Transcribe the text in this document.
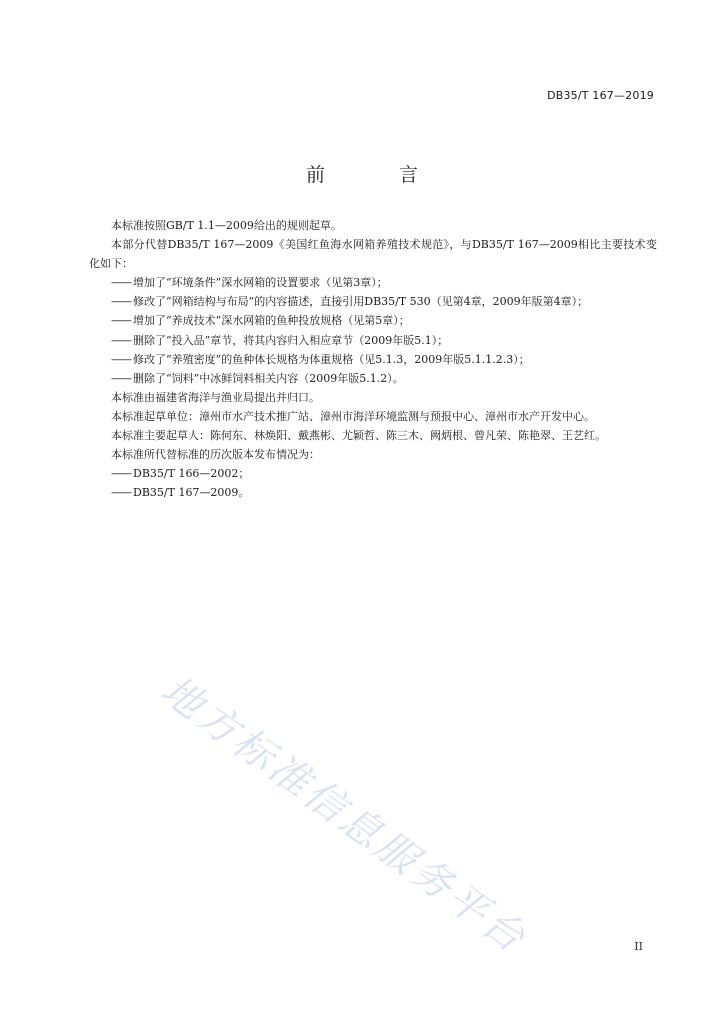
DB35/T 167—2019
前 言

本标准按照GB/T 1.1—2009给出的规则起草。

本部分代替DB35/T 167—2009《美国红鱼海水网箱养殖技术规范》，与DB35/T 167—2009相比主要技术变化如下：

—— 增加了“环境条件”深水网箱的设置要求（见第3章）；

—— 修改了“网箱结构与布局”的内容描述，直接引用DB35/T 530（见第4章，2009年版第4章）；

—— 增加了“养成技术”深水网箱的鱼种投放规格（见第5章）；

—— 删除了“投入品”章节，将其内容归入相应章节（2009年版5.1）；

—— 修改了“养殖密度”的鱼种体长规格为体重规格（见5.1.3，2009年版5.1.1.2.3）；

—— 删除了“饲料”中冰鲜饲料相关内容（2009年版5.1.2）。

本标准由福建省海洋与渔业局提出并归口。

本标准起草单位：漳州市水产技术推广站、漳州市海洋环境监测与预报中心、漳州市水产开发中心。

本标准主要起草人：陈何东、林焕阳、戴燕彬、尤颖哲、陈三木、阙炳根、曾凡荣、陈艳翠、王艺红。

本标准所代替标准的历次版本发布情况为：

—— DB35/T 166—2002；

—— DB35/T 167—2009。

地方标准信息服务平台	II
